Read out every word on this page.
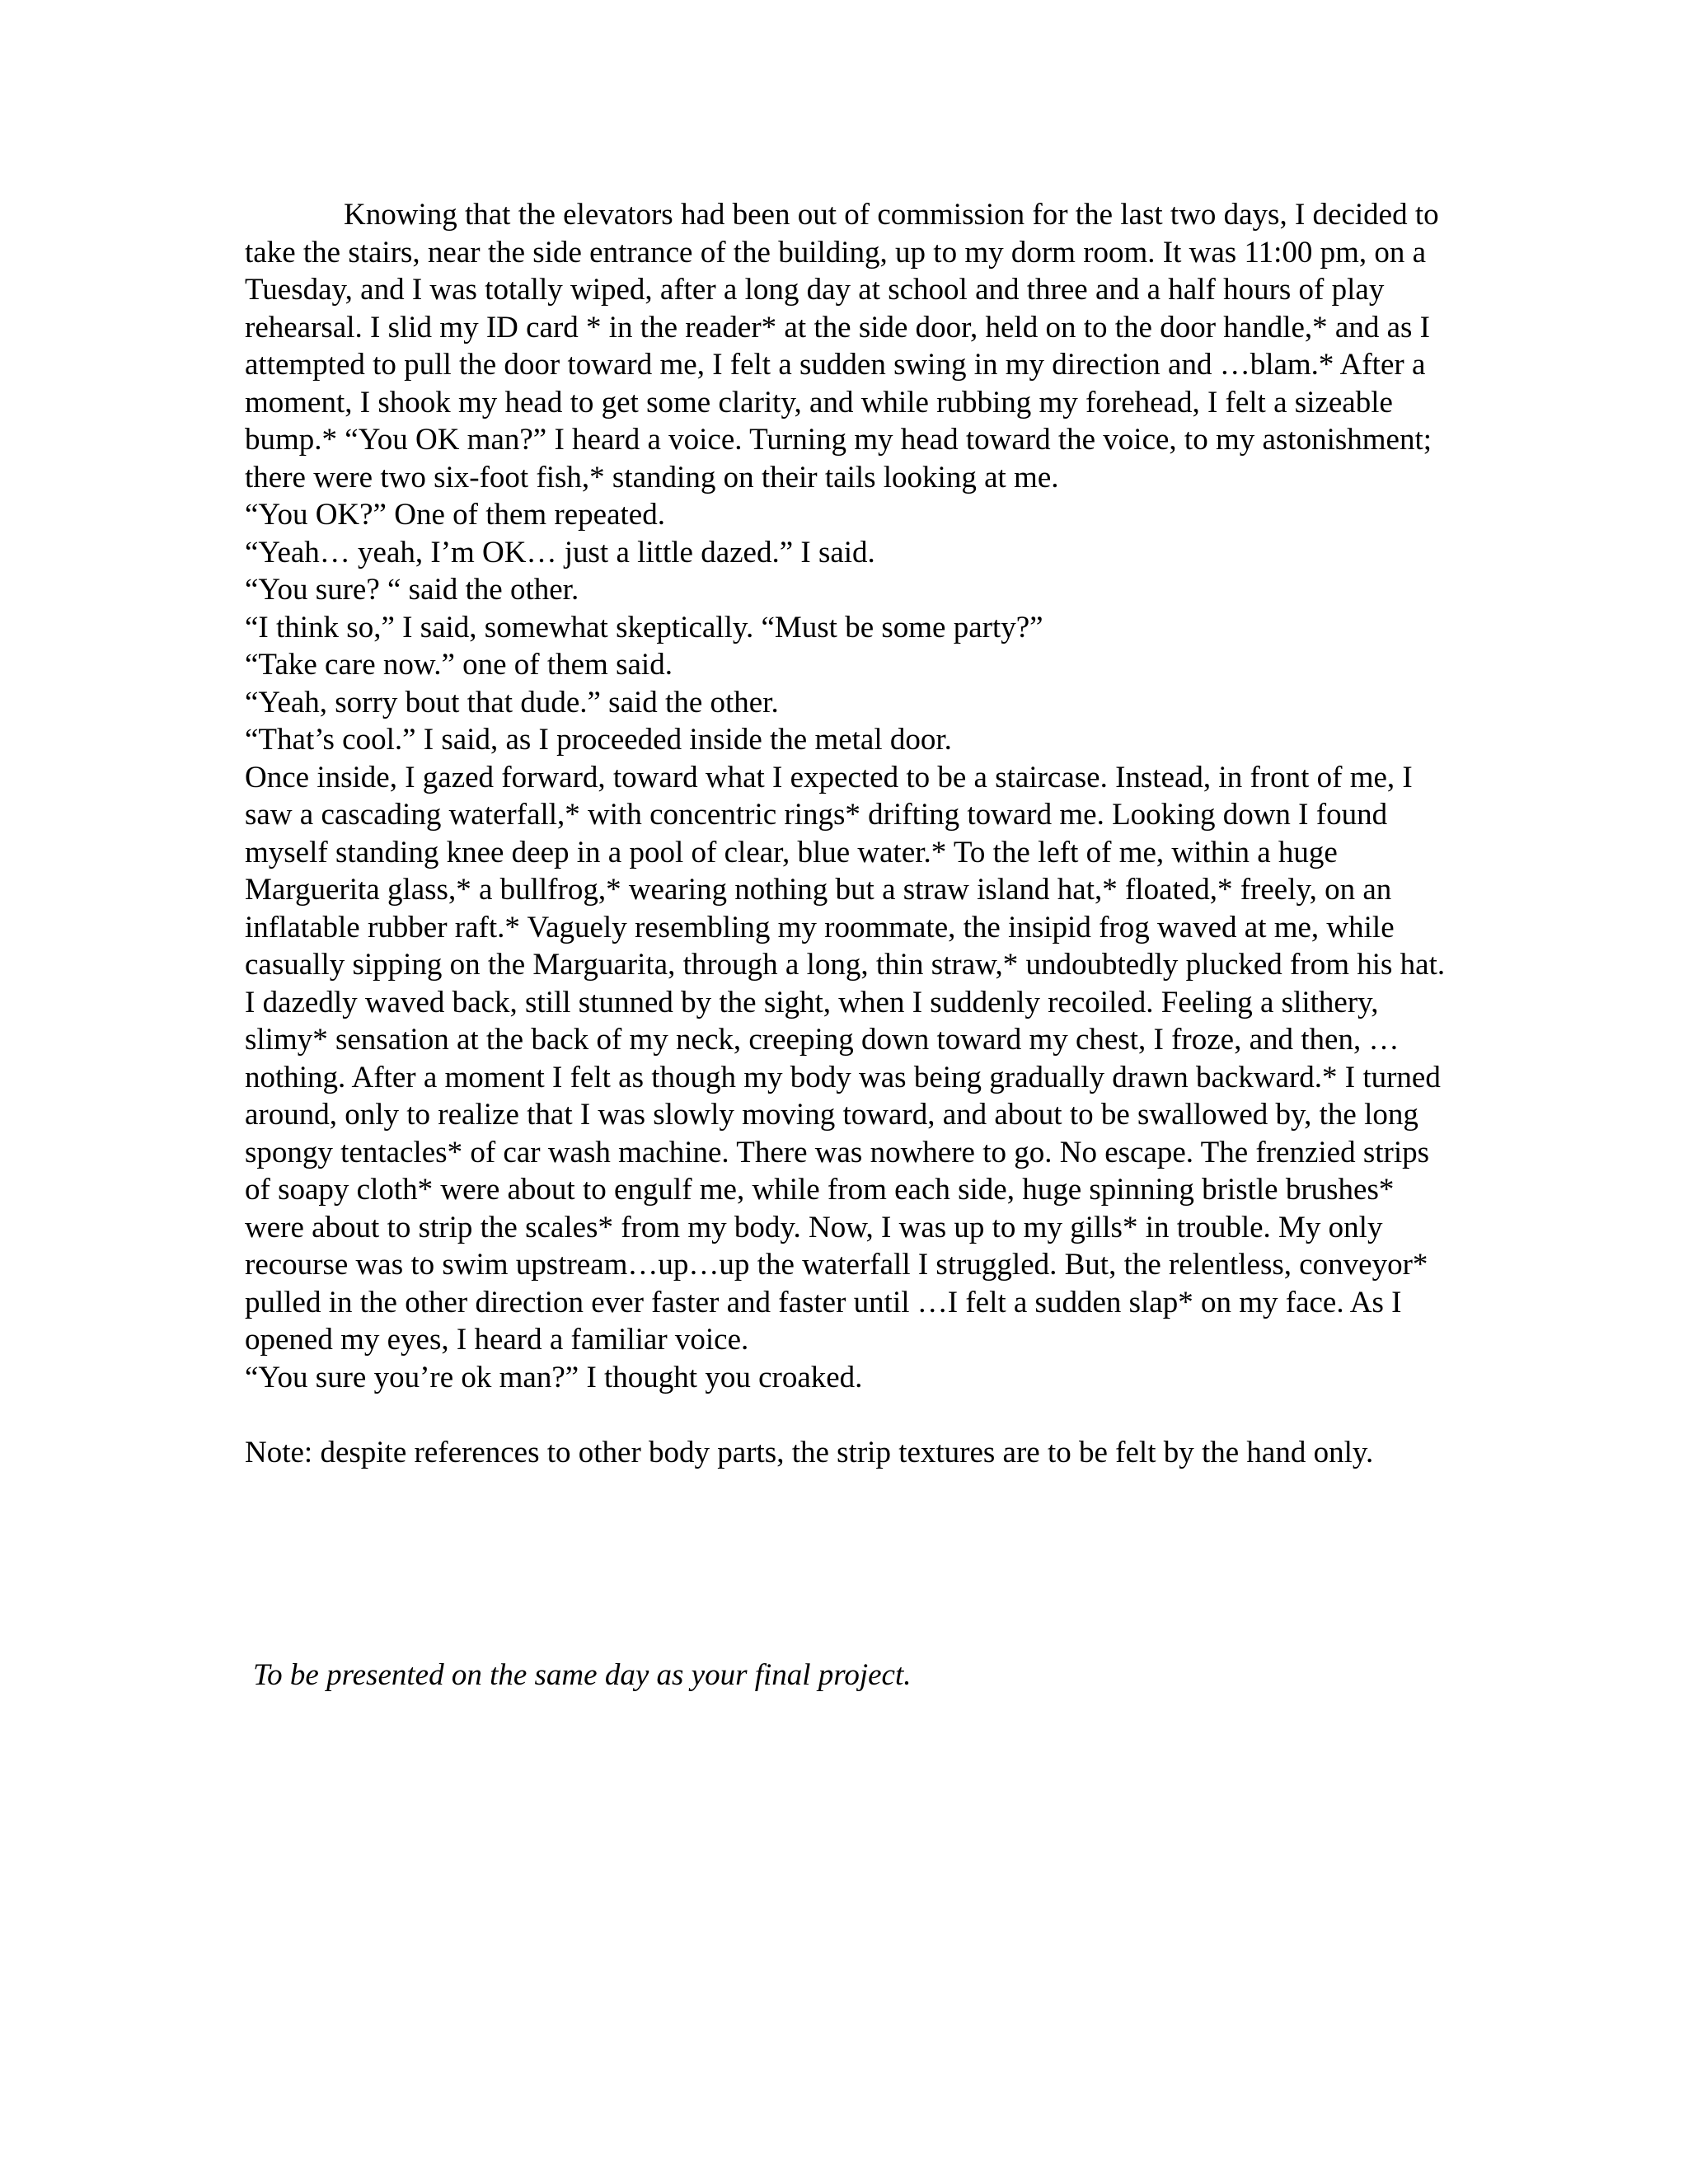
Knowing that the elevators had been out of commission for the last two days, I decided to take the stairs, near the side entrance of the building, up to my dorm room. It was 11:00 pm, on a Tuesday, and I was totally wiped, after a long day at school and three and a half hours of play rehearsal. I slid my ID card * in the reader* at the side door, held on to the door handle,* and as I attempted to pull the door toward me, I felt a sudden swing in my direction and …blam.* After a moment, I shook my head to get some clarity, and while rubbing my forehead, I felt a sizeable bump.* “You OK man?” I heard a voice. Turning my head toward the voice, to my astonishment; there were two six-foot fish,* standing on their tails looking at me.

“You OK?” One of them repeated.

“Yeah… yeah, I’m OK… just a little dazed.” I said.

“You sure? “ said the other.

“I think so,” I said, somewhat skeptically. “Must be some party?”

“Take care now.” one of them said.

“Yeah, sorry bout that dude.” said the other.

“That’s cool.” I said, as I proceeded inside the metal door.

Once inside, I gazed forward, toward what I expected to be a staircase. Instead, in front of me, I saw a cascading waterfall,* with concentric rings* drifting toward me. Looking down I found myself standing knee deep in a pool of clear, blue water.* To the left of me, within a huge Marguerita glass,* a bullfrog,* wearing nothing but a straw island hat,* floated,* freely, on an inflatable rubber raft.* Vaguely resembling my roommate, the insipid frog waved at me, while casually sipping on the Marguarita, through a long, thin straw,* undoubtedly plucked from his hat. I dazedly waved back, still stunned by the sight, when I suddenly recoiled. Feeling a slithery, slimy* sensation at the back of my neck, creeping down toward my chest, I froze, and then, …nothing. After a moment I felt as though my body was being gradually drawn backward.* I turned around, only to realize that I was slowly moving toward, and about to be swallowed by, the long spongy tentacles* of car wash machine. There was nowhere to go. No escape. The frenzied strips of soapy cloth* were about to engulf me, while from each side, huge spinning bristle brushes* were about to strip the scales* from my body. Now, I was up to my gills* in trouble. My only recourse was to swim upstream…up…up the waterfall I struggled. But, the relentless, conveyor* pulled in the other direction ever faster and faster until …I felt a sudden slap* on my face. As I opened my eyes, I heard a familiar voice.

“You sure you’re ok man?” I thought you croaked.

Note: despite references to other body parts, the strip textures are to be felt by the hand only.

To be presented on the same day as your final project.
